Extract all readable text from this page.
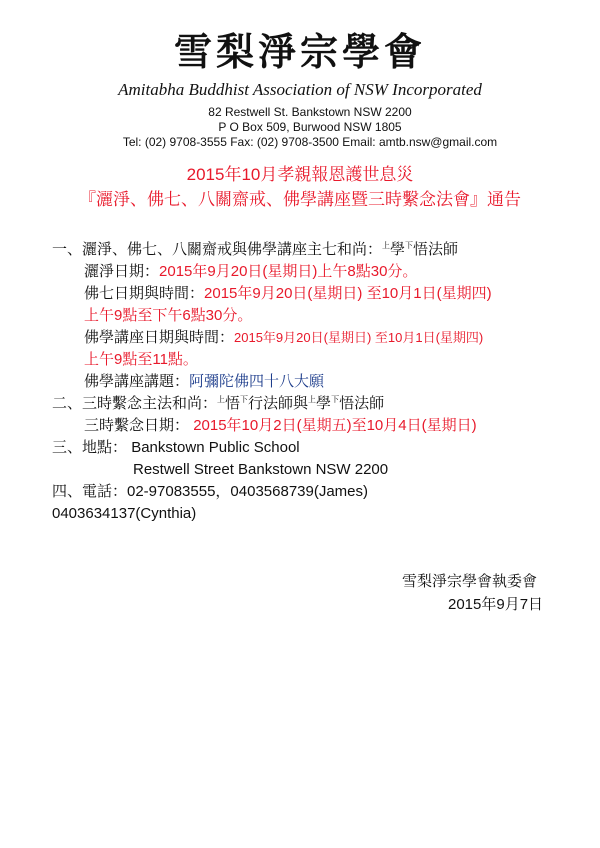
雪梨淨宗學會
Amitabha Buddhist Association of NSW Incorporated
82 Restwell St. Bankstown NSW 2200
P O Box 509, Burwood NSW 1805
Tel: (02) 9708-3555 Fax: (02) 9708-3500 Email: amtb.nsw@gmail.com
2015年10月孝親報恩護世息災
『灑淨、佛七、八關齋戒、佛學講座暨三時繫念法會』通告
一、灑淨、佛七、八關齋戒與佛學講座主七和尚：$^上$學$^下$悟法師
灑淨日期：2015年9月20日(星期日)上午8點30分。
佛七日期與時間：2015年9月20日(星期日) 至10月1日(星期四)
上午9點至下午6點30分。
佛學講座日期與時間：2015年9月20日(星期日) 至10月1日(星期四)
上午9點至11點。
佛學講座講題：阿彌陀佛四十八大願
二、三時繫念主法和尚：$^上$悟$^下$行法師與$^上$學$^下$悟法師
三時繫念日期： 2015年10月2日(星期五)至10月4日(星期日)
三、地點： Bankstown Public School
Restwell Street Bankstown NSW 2200
四、電話：02-97083555，0403568739(James)
0403634137(Cynthia)
雪梨淨宗學會執委會
2015年9月7日
